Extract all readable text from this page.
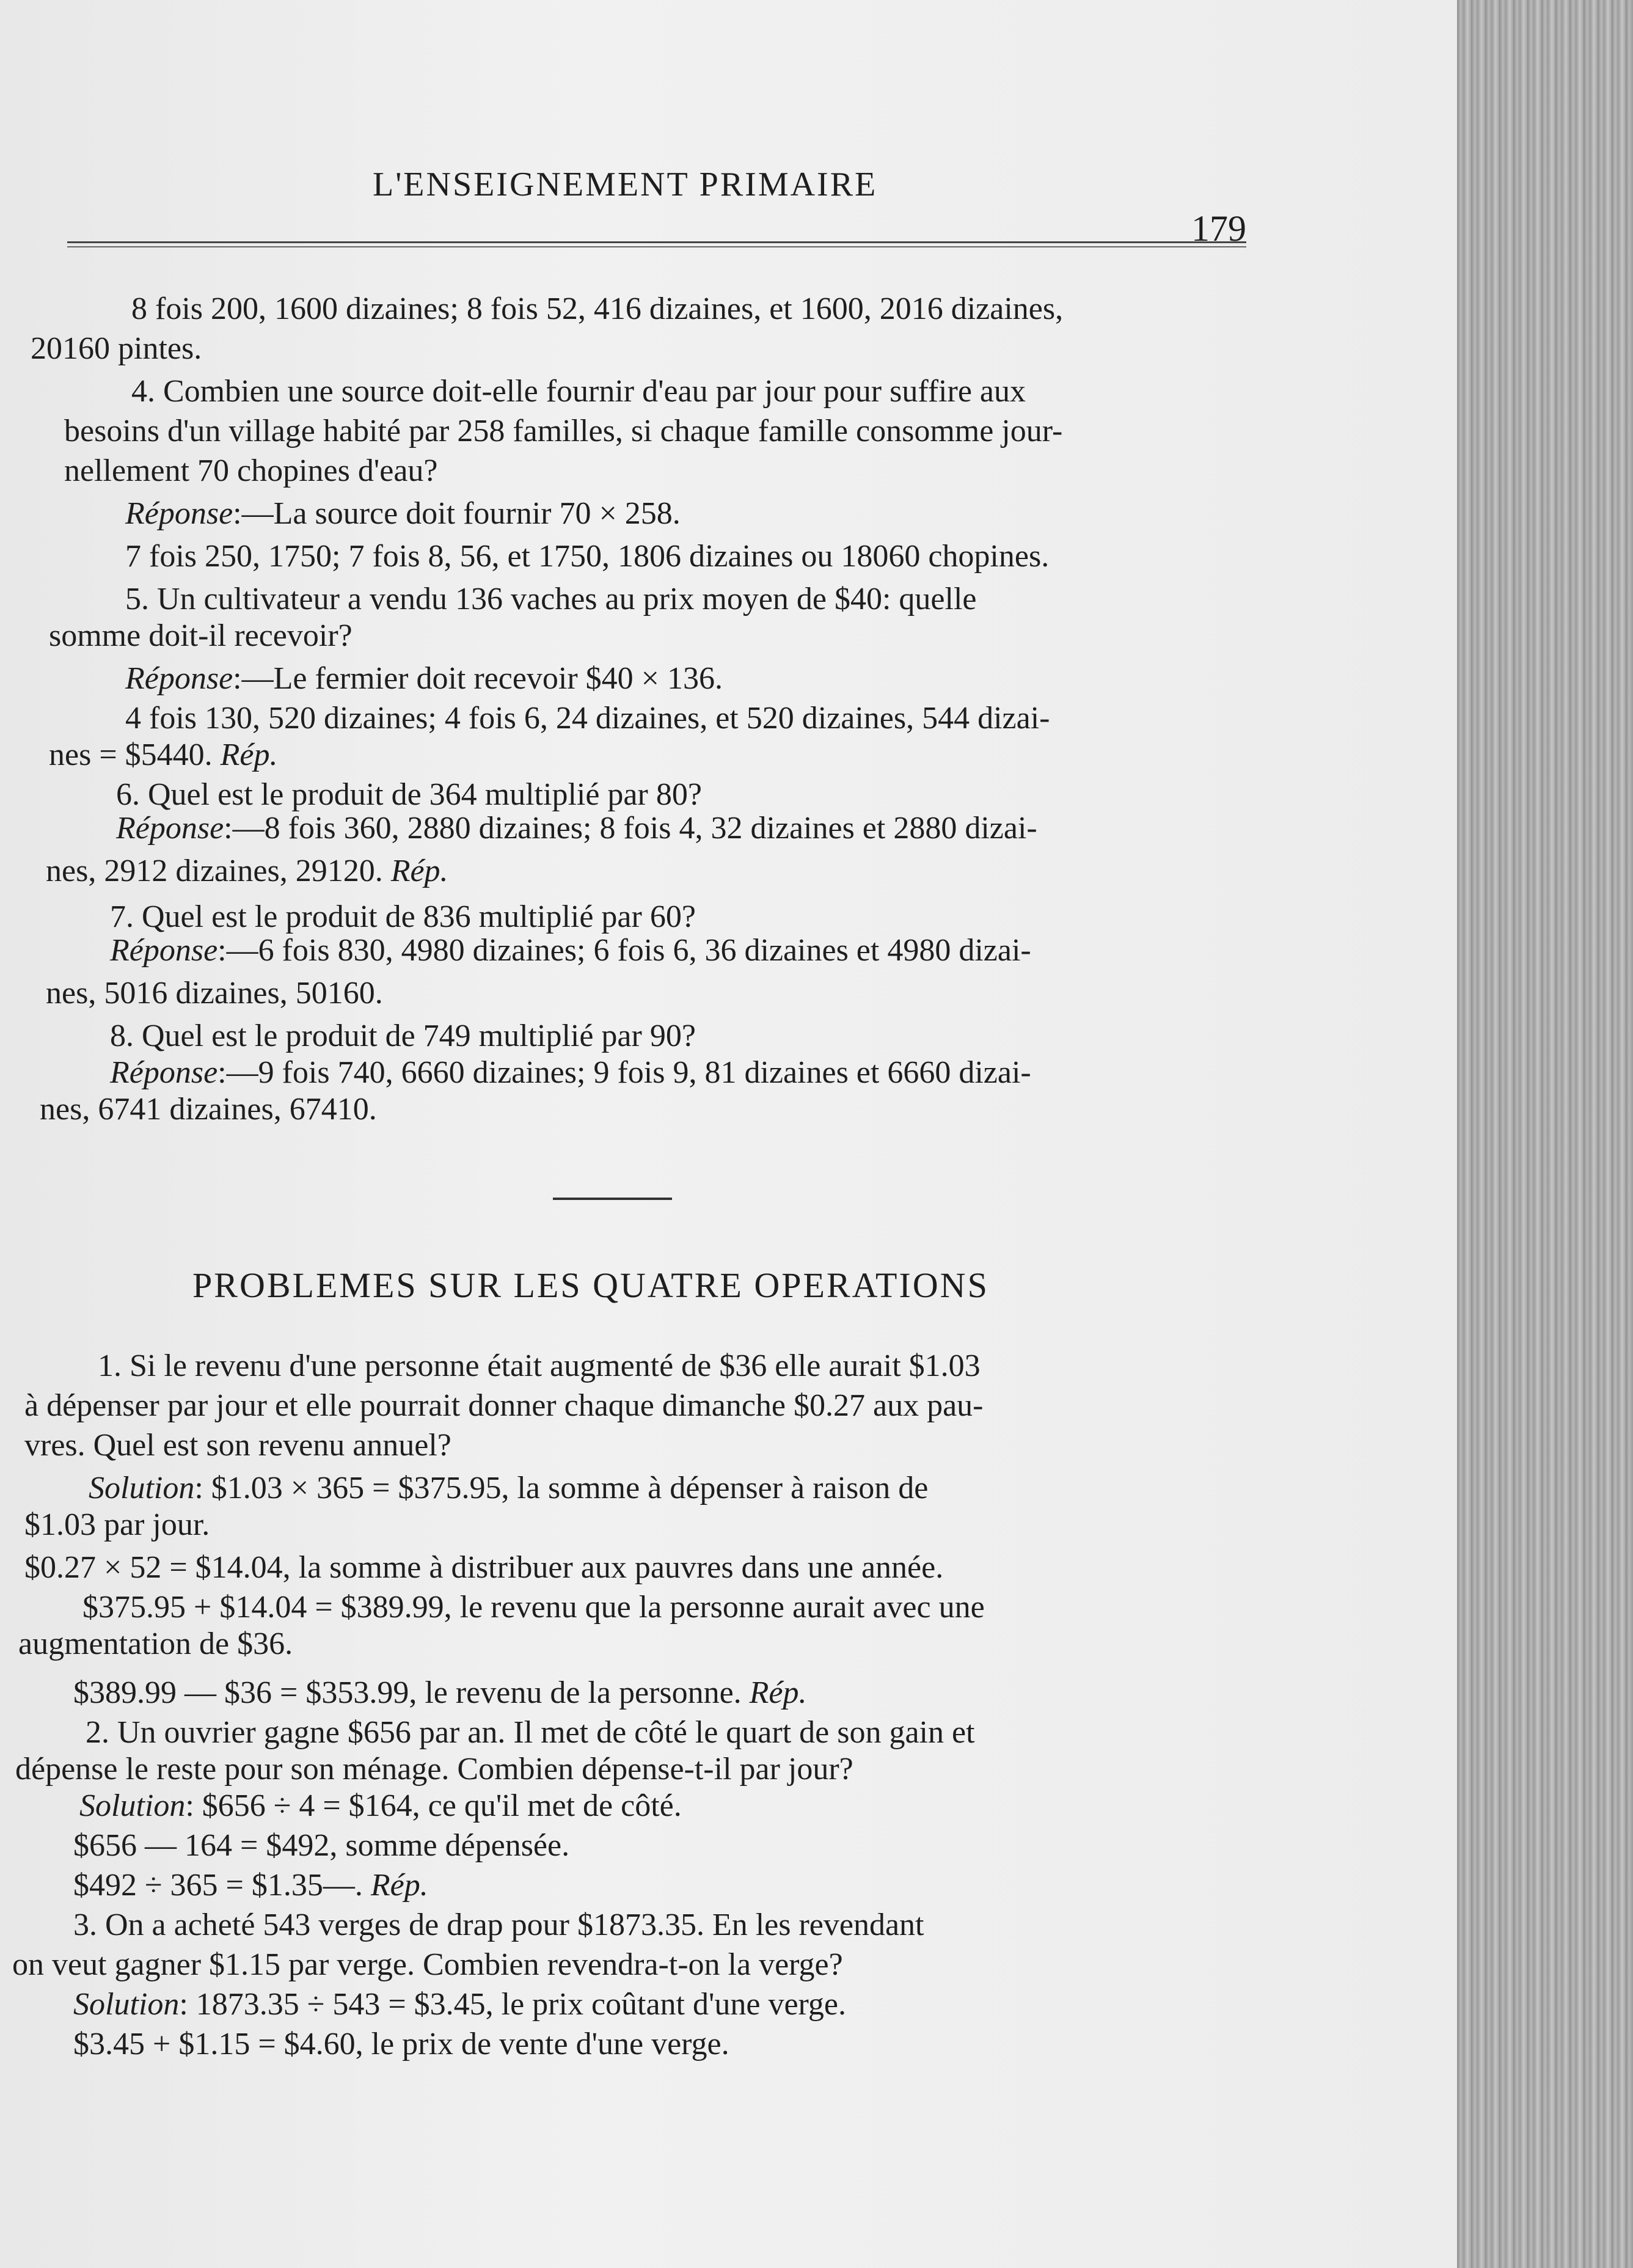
L'ENSEIGNEMENT PRIMAIRE
179
8 fois 200, 1600 dizaines; 8 fois 52, 416 dizaines, et 1600, 2016 dizaines,
20160 pintes.
4. Combien une source doit-elle fournir d'eau par jour pour suffire aux
besoins d'un village habité par 258 familles, si chaque famille consomme jour-
nellement 70 chopines d'eau?
Réponse:—La source doit fournir 70 × 258.
7 fois 250, 1750; 7 fois 8, 56, et 1750, 1806 dizaines ou 18060 chopines.
5. Un cultivateur a vendu 136 vaches au prix moyen de $40: quelle
somme doit-il recevoir?
Réponse:—Le fermier doit recevoir $40 × 136.
4 fois 130, 520 dizaines; 4 fois 6, 24 dizaines, et 520 dizaines, 544 dizai-
nes = $5440. Rép.
6. Quel est le produit de 364 multiplié par 80?
Réponse:—8 fois 360, 2880 dizaines; 8 fois 4, 32 dizaines et 2880 dizai-
nes, 2912 dizaines, 29120. Rép.
7. Quel est le produit de 836 multiplié par 60?
Réponse:—6 fois 830, 4980 dizaines; 6 fois 6, 36 dizaines et 4980 dizai-
nes, 5016 dizaines, 50160.
8. Quel est le produit de 749 multiplié par 90?
Réponse:—9 fois 740, 6660 dizaines; 9 fois 9, 81 dizaines et 6660 dizai-
nes, 6741 dizaines, 67410.
PROBLEMES SUR LES QUATRE OPERATIONS
1. Si le revenu d'une personne était augmenté de $36 elle aurait $1.03
à dépenser par jour et elle pourrait donner chaque dimanche $0.27 aux pau-
vres. Quel est son revenu annuel?
Solution: $1.03 × 365 = $375.95, la somme à dépenser à raison de
$1.03 par jour.
$0.27 × 52 = $14.04, la somme à distribuer aux pauvres dans une année.
$375.95 + $14.04 = $389.99, le revenu que la personne aurait avec une
augmentation de $36.
$389.99 — $36 = $353.99, le revenu de la personne. Rép.
2. Un ouvrier gagne $656 par an. Il met de côté le quart de son gain et
dépense le reste pour son ménage. Combien dépense-t-il par jour?
Solution: $656 ÷ 4 = $164, ce qu'il met de côté.
$656 — 164 = $492, somme dépensée.
$492 ÷ 365 = $1.35—. Rép.
3. On a acheté 543 verges de drap pour $1873.35. En les revendant
on veut gagner $1.15 par verge. Combien revendra-t-on la verge?
Solution: 1873.35 ÷ 543 = $3.45, le prix coûtant d'une verge.
$3.45 + $1.15 = $4.60, le prix de vente d'une verge.
